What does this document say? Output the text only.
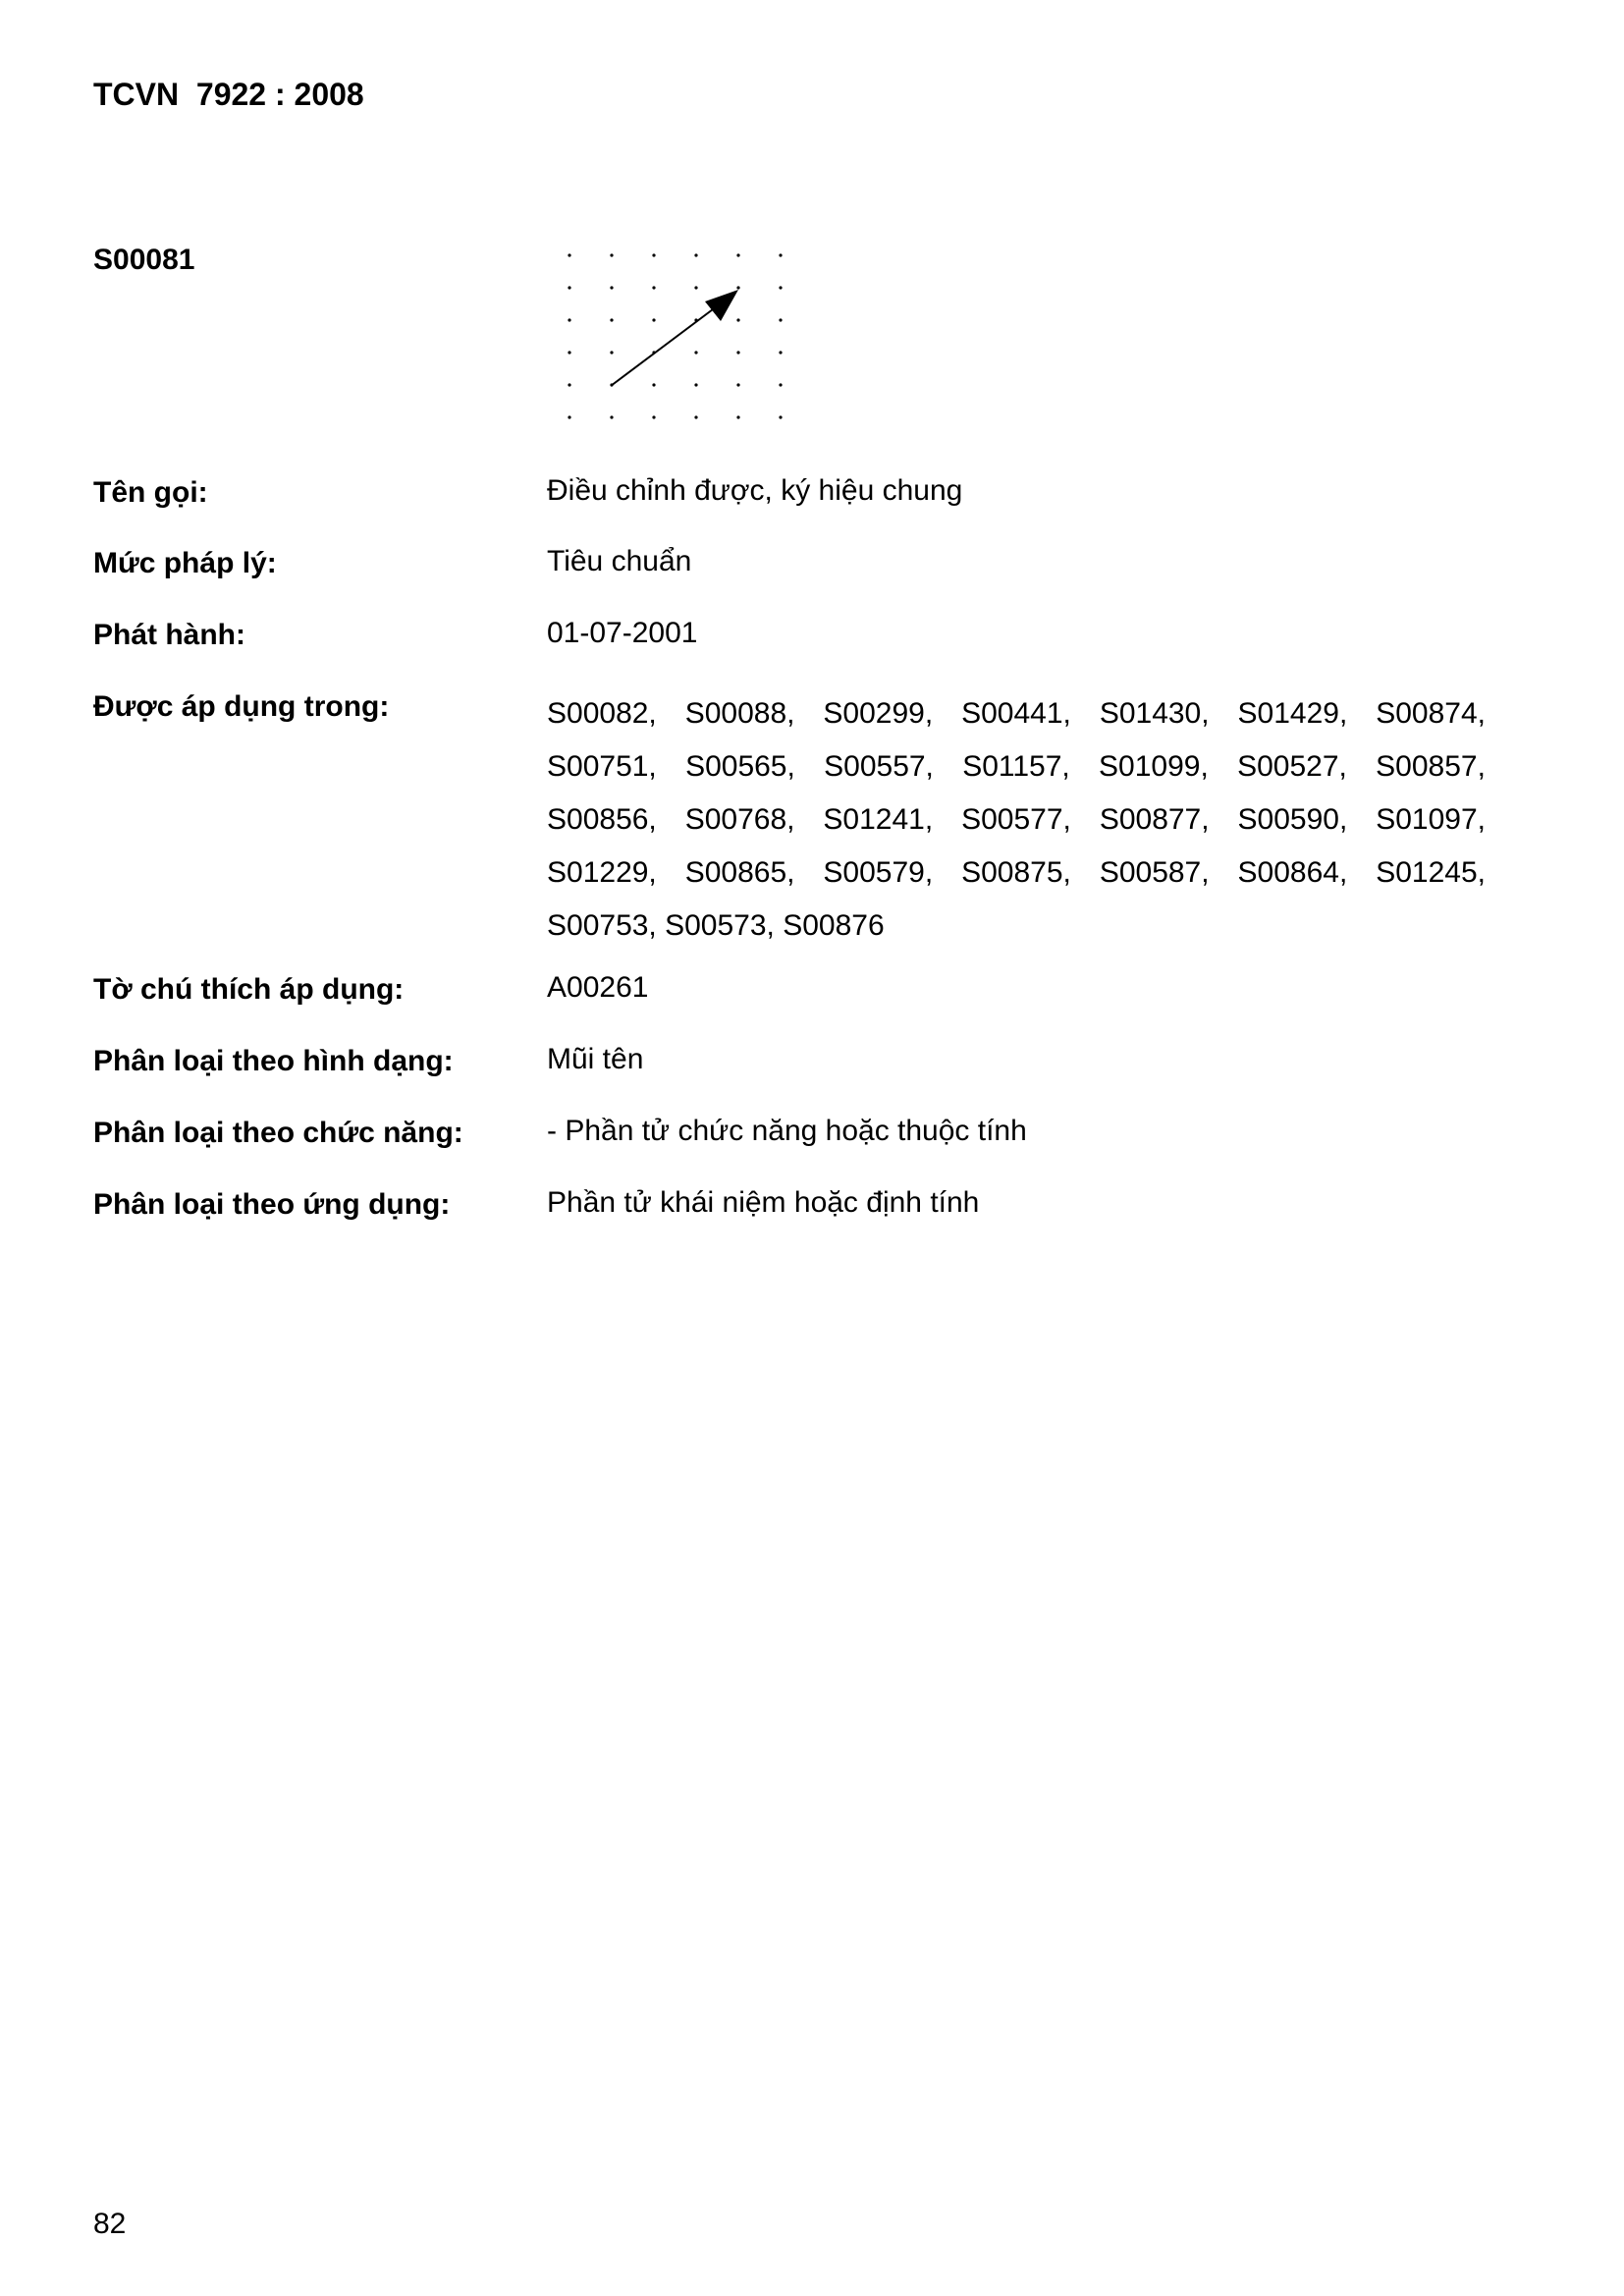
TCVN  7922 : 2008
S00081
Tên gọi:	Điều chỉnh được, ký hiệu chung
Mức pháp lý:	Tiêu chuẩn
Phát hành:	01-07-2001
Được áp dụng trong:	S00082, S00088, S00299, S00441, S01430, S01429, S00874,
S00751, S00565, S00557, S01157, S01099, S00527, S00857,
S00856, S00768, S01241, S00577, S00877, S00590, S01097,
S01229, S00865, S00579, S00875, S00587, S00864, S01245,
S00753, S00573, S00876
Tờ chú thích áp dụng:	A00261
Phân loại theo hình dạng:	Mũi tên
Phân loại theo chức năng:	- Phần tử chức năng hoặc thuộc tính
Phân loại theo ứng dụng:	Phần tử khái niệm hoặc định tính
82
